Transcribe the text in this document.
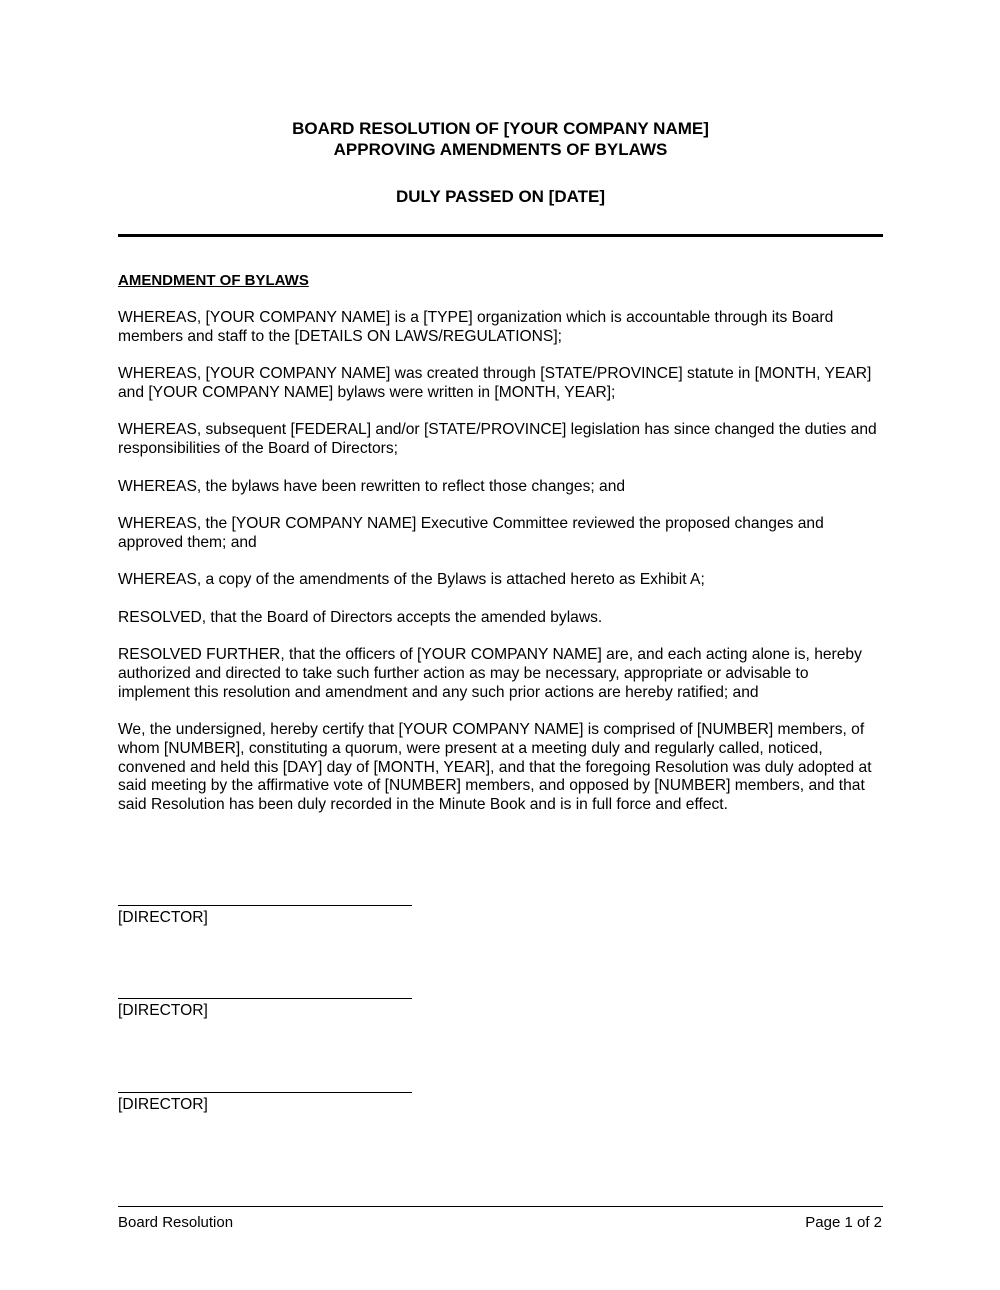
BOARD RESOLUTION OF [YOUR COMPANY NAME]
APPROVING AMENDMENTS OF BYLAWS
DULY PASSED ON [DATE]
AMENDMENT OF BYLAWS

WHEREAS, [YOUR COMPANY NAME] is a [TYPE] organization which is accountable through its Board members and staff to the [DETAILS ON LAWS/REGULATIONS];

WHEREAS, [YOUR COMPANY NAME] was created through [STATE/PROVINCE] statute in [MONTH, YEAR] and [YOUR COMPANY NAME] bylaws were written in [MONTH, YEAR];

WHEREAS, subsequent [FEDERAL] and/or [STATE/PROVINCE] legislation has since changed the duties and responsibilities of the Board of Directors;

WHEREAS, the bylaws have been rewritten to reflect those changes; and

WHEREAS, the [YOUR COMPANY NAME] Executive Committee reviewed the proposed changes and approved them; and

WHEREAS, a copy of the amendments of the Bylaws is attached hereto as Exhibit A;

RESOLVED, that the Board of Directors accepts the amended bylaws.

RESOLVED FURTHER, that the officers of [YOUR COMPANY NAME] are, and each acting alone is, hereby authorized and directed to take such further action as may be necessary, appropriate or advisable to implement this resolution and amendment and any such prior actions are hereby ratified; and

We, the undersigned, hereby certify that [YOUR COMPANY NAME] is comprised of [NUMBER] members, of whom [NUMBER], constituting a quorum, were present at a meeting duly and regularly called, noticed, convened and held this [DAY] day of [MONTH, YEAR], and that the foregoing Resolution was duly adopted at said meeting by the affirmative vote of [NUMBER] members, and opposed by [NUMBER] members, and that said Resolution has been duly recorded in the Minute Book and is in full force and effect.

[DIRECTOR]
[DIRECTOR]
[DIRECTOR]
Board Resolution	Page 1 of 2
